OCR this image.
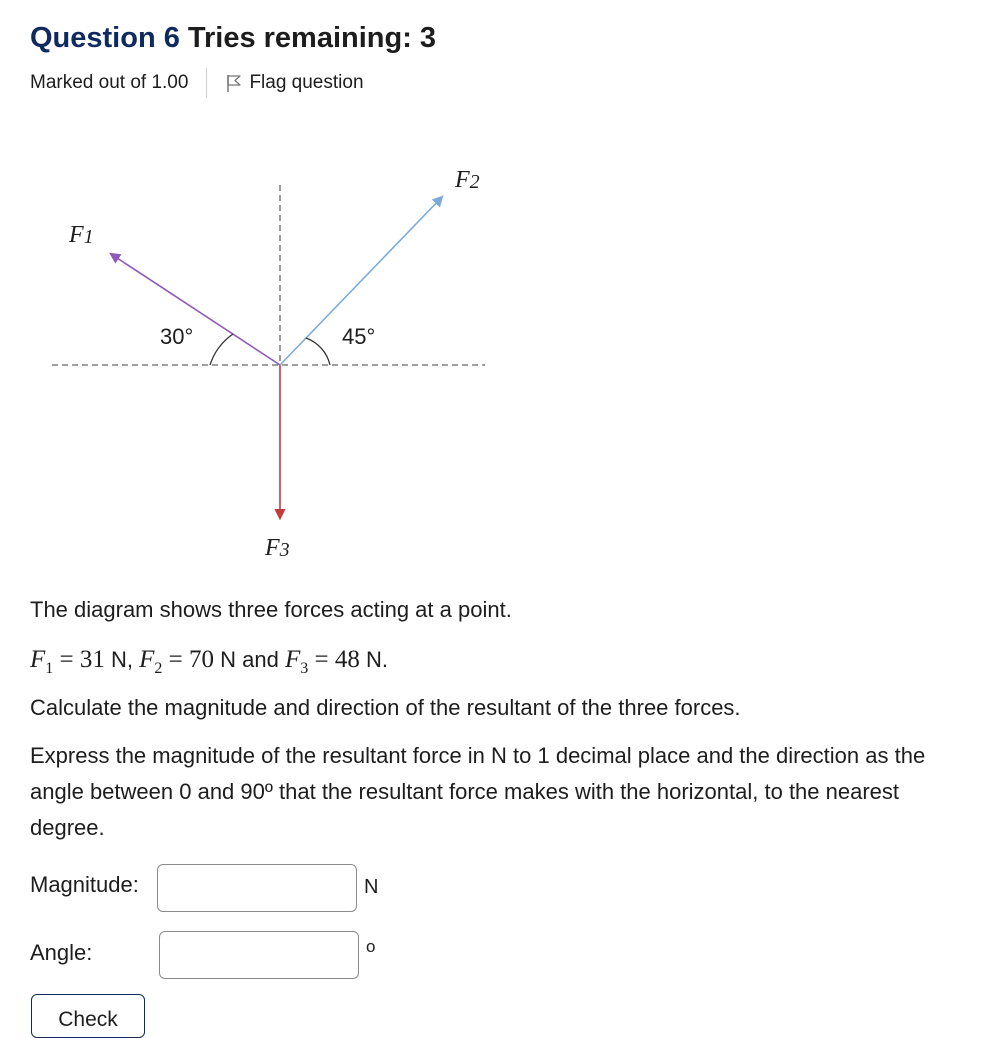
Question 6 Tries remaining: 3
Marked out of 1.00	Flag question
30°	45°
F1
F2
F3
The diagram shows three forces acting at a point.
$F_1 = 31$ N, $F_2 = 70$ N and $F_3 = 48$ N.
Calculate the magnitude and direction of the resultant of the three forces.
Express the magnitude of the resultant force in N to 1 decimal place and the direction as the angle between 0 and 90º that the resultant force makes with the horizontal, to the nearest degree.
Magnitude:	N
Angle:	o
Check
